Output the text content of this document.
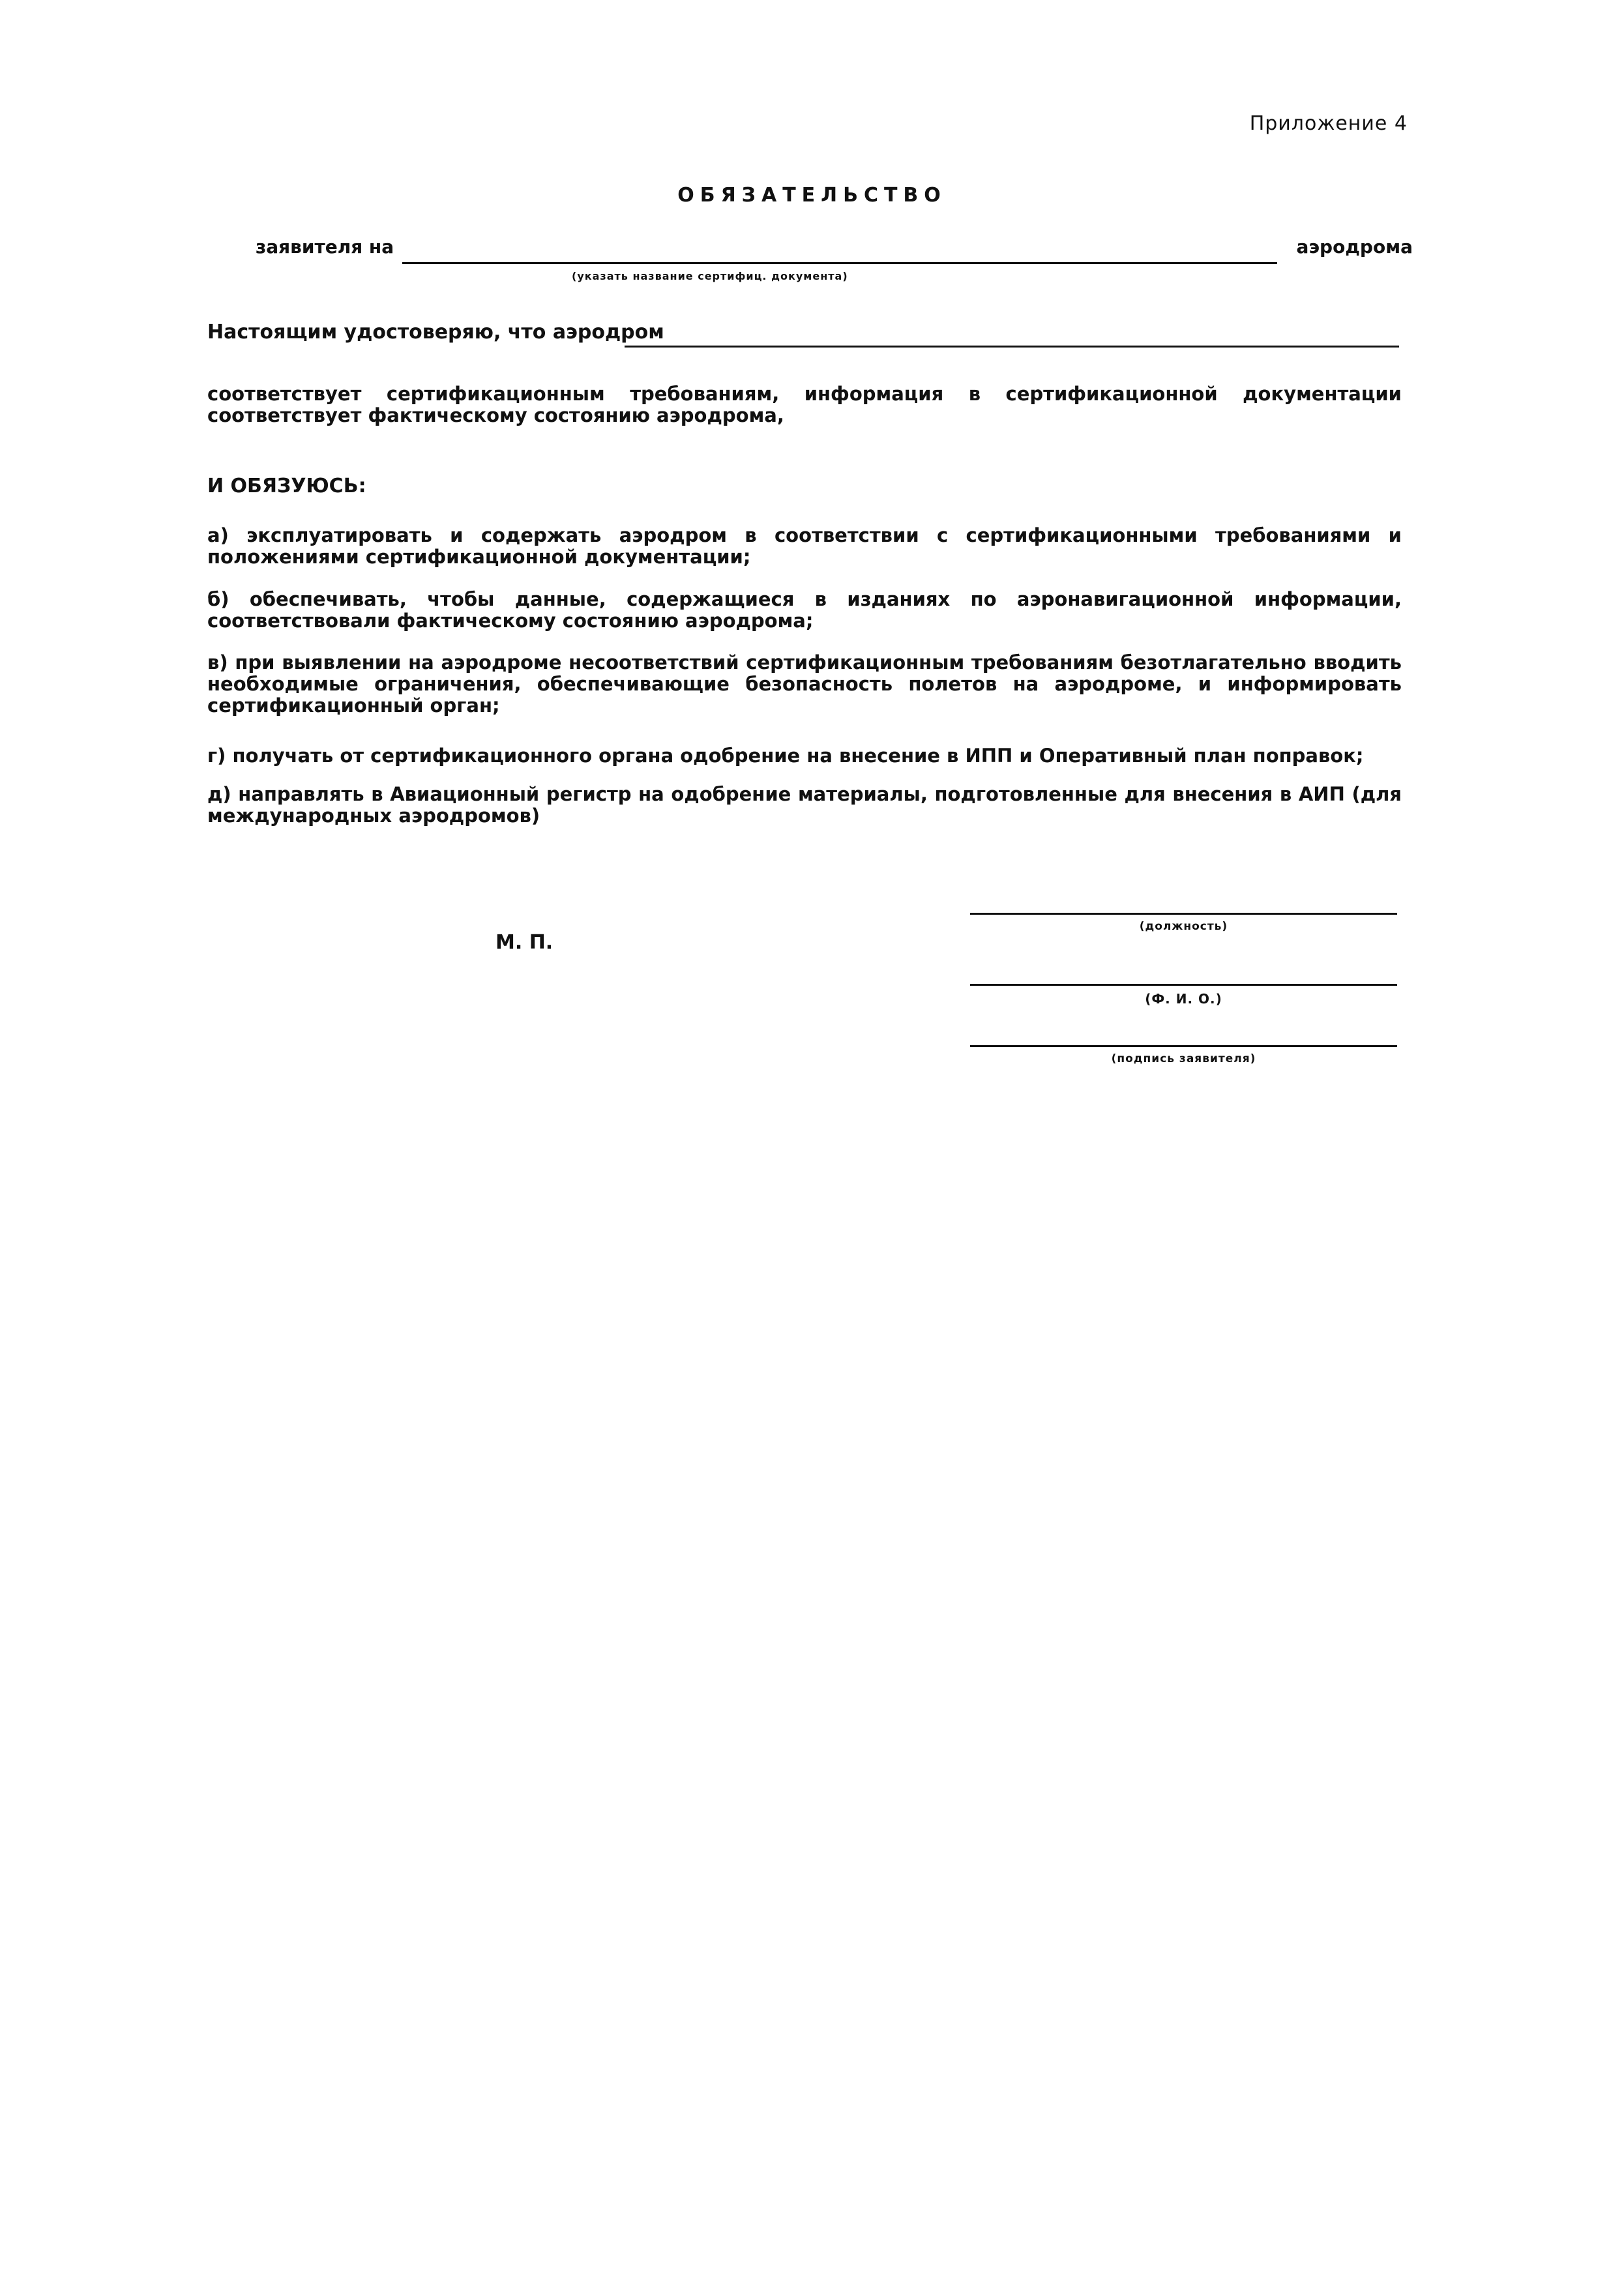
Приложение 4
ОБЯЗАТЕЛЬСТВО
заявителя на	аэродрома
(указать название сертифиц. документа)
Настоящим удостоверяю, что аэродром
соответствует сертификационным требованиям, информация в сертификационной документации соответствует фактическому состоянию аэродрома,
И ОБЯЗУЮСЬ:
а) эксплуатировать и содержать аэродром в соответствии с сертификационными требованиями и положениями сертификационной документации;
б) обеспечивать, чтобы данные, содержащиеся в изданиях по аэронавигационной информации, соответствовали фактическому состоянию аэродрома;
в) при выявлении на аэродроме несоответствий сертификационным требованиям безотлагательно вводить необходимые ограничения, обеспечивающие безопасность полетов на аэродроме, и информировать сертификационный орган;
г) получать от сертификационного органа одобрение на внесение в ИПП и Оперативный план поправок;
д) направлять в Авиационный регистр на одобрение материалы, подготовленные для внесения в АИП (для международных аэродромов)
М. П.
(должность)
(Ф. И. О.)
(подпись заявителя)
